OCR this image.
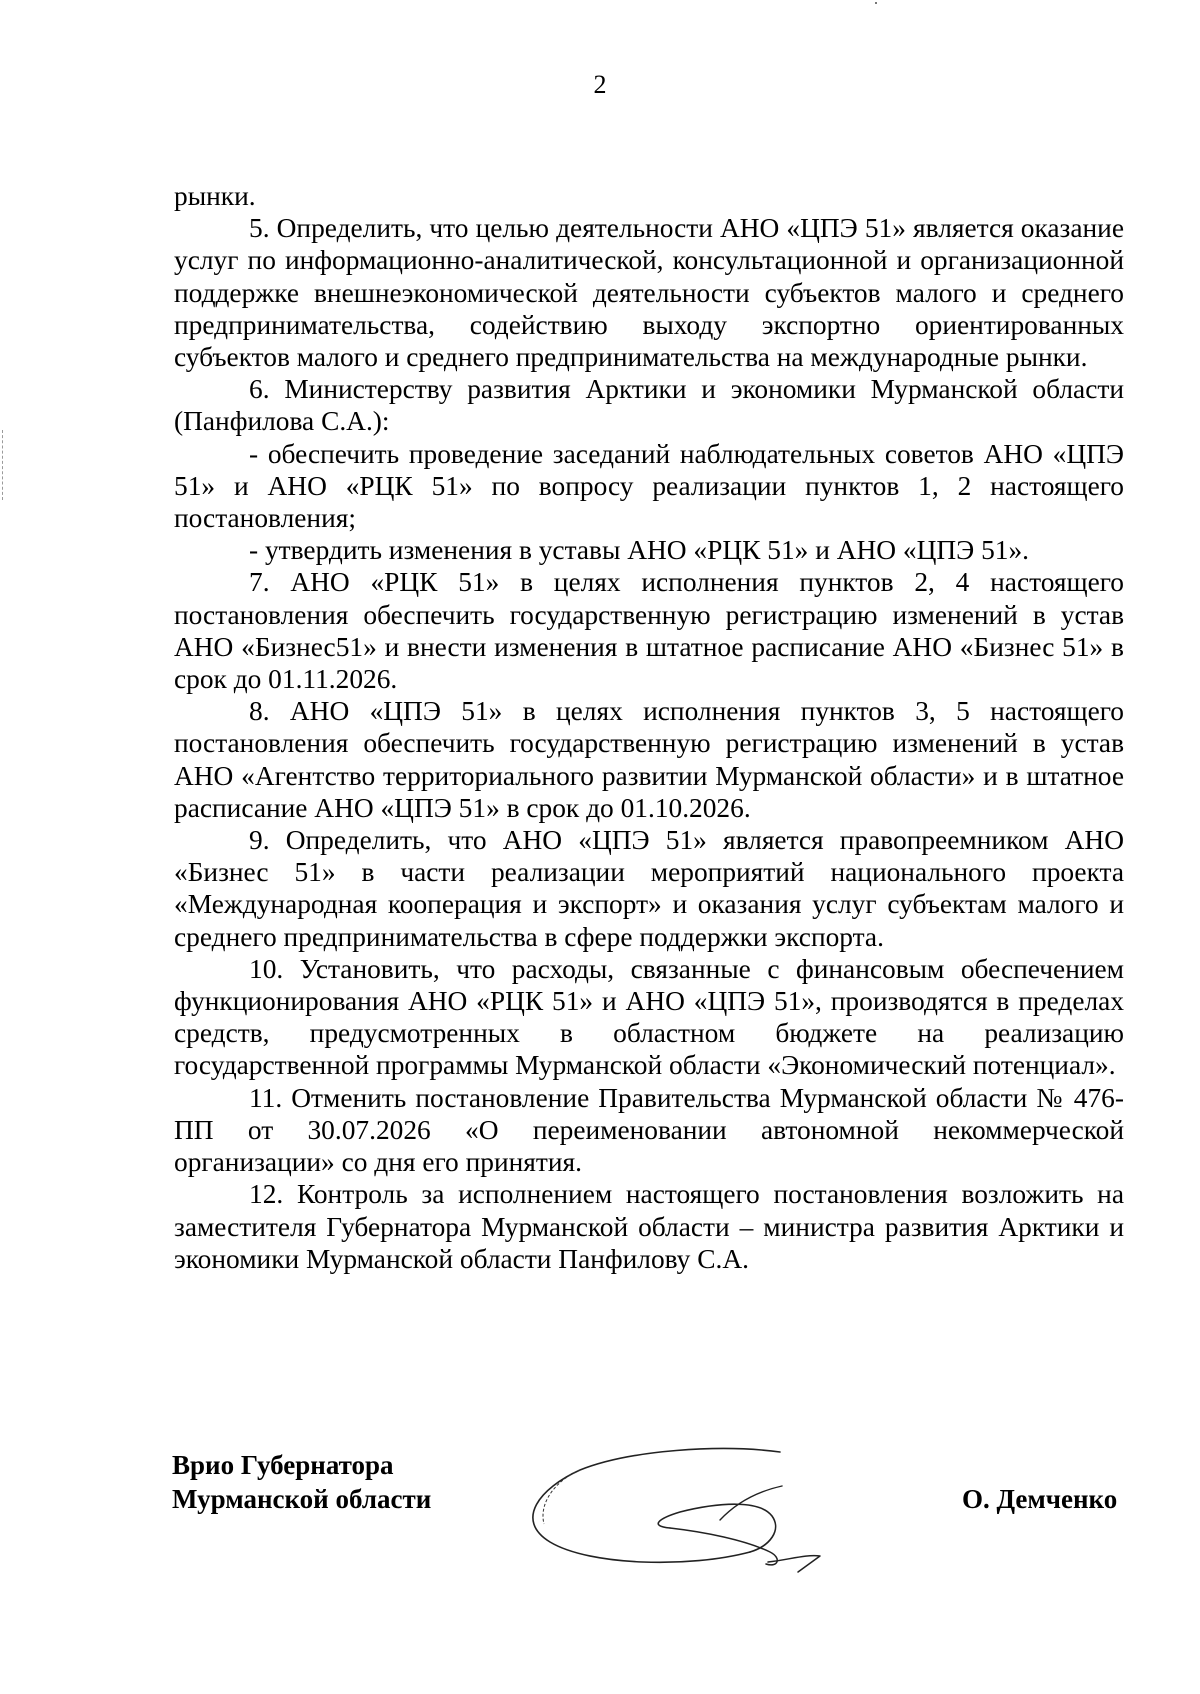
2

рынки.

5. Определить, что целью деятельности АНО «ЦПЭ 51» является оказание услуг по информационно-аналитической, консультационной и организационной поддержке внешнеэкономической деятельности субъектов малого и среднего предпринимательства, содействию выходу экспортно ориентированных субъектов малого и среднего предпринимательства на международные рынки.

6. Министерству развития Арктики и экономики Мурманской области (Панфилова С.А.):

- обеспечить проведение заседаний наблюдательных советов АНО «ЦПЭ 51» и АНО «РЦК 51» по вопросу реализации пунктов 1, 2 настоящего постановления;

- утвердить изменения в уставы АНО «РЦК 51» и АНО «ЦПЭ 51».

7. АНО «РЦК 51» в целях исполнения пунктов 2, 4 настоящего постановления обеспечить государственную регистрацию изменений в устав АНО «Бизнес51» и внести изменения в штатное расписание АНО «Бизнес 51» в срок до 01.11.2026.

8. АНО «ЦПЭ 51» в целях исполнения пунктов 3, 5 настоящего постановления обеспечить государственную регистрацию изменений в устав АНО «Агентство территориального развитии Мурманской области» и в штатное расписание АНО «ЦПЭ 51» в срок до 01.10.2026.

9. Определить, что АНО «ЦПЭ 51» является правопреемником АНО «Бизнес 51» в части реализации мероприятий национального проекта «Международная кооперация и экспорт» и оказания услуг субъектам малого и среднего предпринимательства в сфере поддержки экспорта.

10. Установить, что расходы, связанные с финансовым обеспечением функционирования АНО «РЦК 51» и АНО «ЦПЭ 51», производятся в пределах средств, предусмотренных в областном бюджете на реализацию государственной программы Мурманской области «Экономический потенциал».

11. Отменить постановление Правительства Мурманской области № 476-ПП от 30.07.2026 «О переименовании автономной некоммерческой организации» со дня его принятия.

12. Контроль за исполнением настоящего постановления возложить на заместителя Губернатора Мурманской области – министра развития Арктики и экономики Мурманской области Панфилову С.А.

Врио Губернатора
Мурманской области	О. Демченко
